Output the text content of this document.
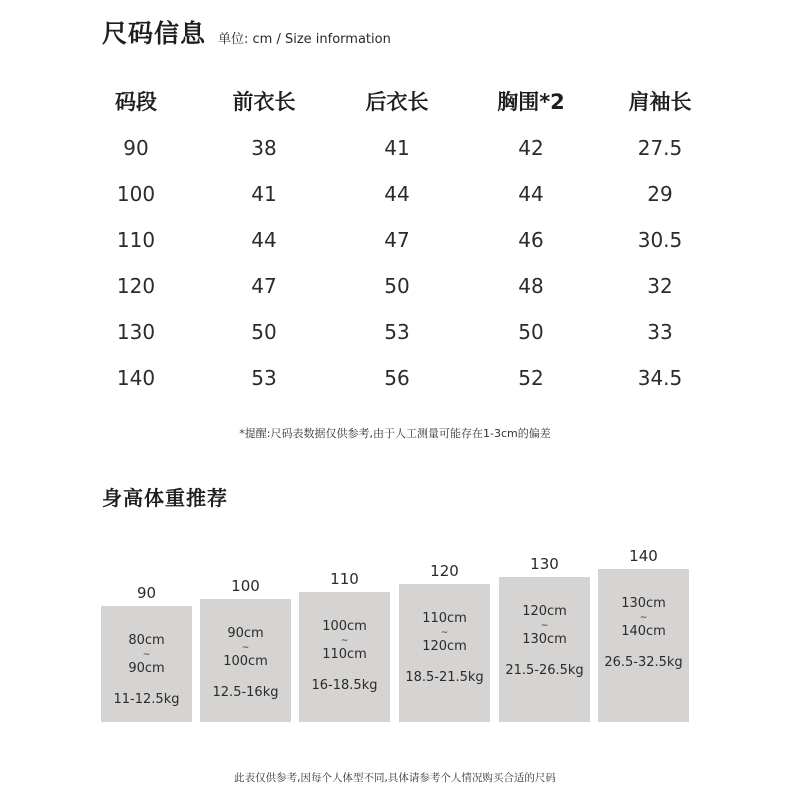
尺码信息 单位: cm / Size information
码段	前衣长	后衣长	胸围*2	肩袖长
90	38	41	42	27.5
100	41	44	44	29
110	44	47	46	30.5
120	47	50	48	32
130	50	53	50	33
140	53	56	52	34.5
*提醒:尺码表数据仅供参考,由于人工测量可能存在1-3cm的偏差
身高体重推荐
90
80cm
~
90cm
11-12.5kg
100
90cm
~
100cm
12.5-16kg
110
100cm
~
110cm
16-18.5kg
120
110cm
~
120cm
18.5-21.5kg
130
120cm
~
130cm
21.5-26.5kg
140
130cm
~
140cm
26.5-32.5kg
此表仅供参考,因每个人体型不同,具体请参考个人情况购买合适的尺码
